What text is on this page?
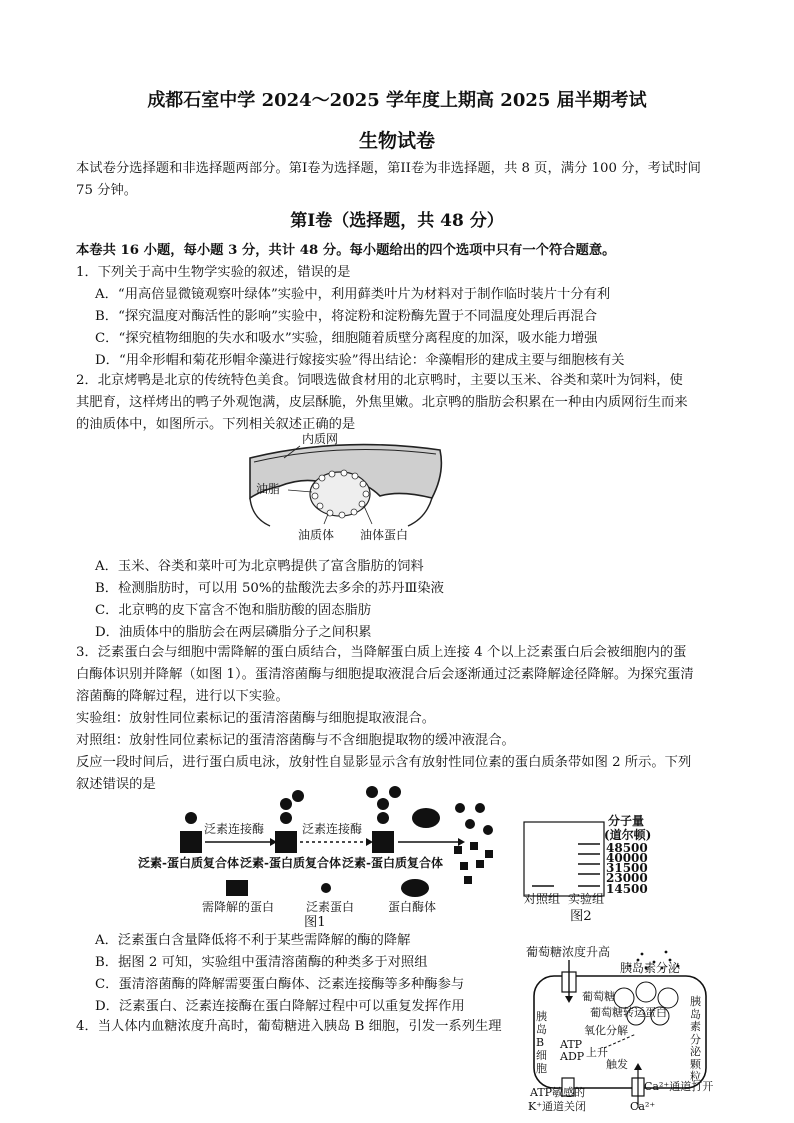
成都石室中学 2024～2025 学年度上期高 2025 届半期考试
生物试卷
本试卷分选择题和非选择题两部分。第Ⅰ卷为选择题，第ⅠⅠ卷为非选择题，共 8 页，满分 100 分，考试时间 75 分钟。
第Ⅰ卷（选择题，共 48 分）
本卷共 16 小题，每小题 3 分，共计 48 分。每小题给出的四个选项中只有一个符合题意。
1．下列关于高中生物学实验的叙述，错误的是
A．“用高倍显微镜观察叶绿体”实验中，利用藓类叶片为材料对于制作临时装片十分有利
B．“探究温度对酶活性的影响”实验中，将淀粉和淀粉酶先置于不同温度处理后再混合
C．“探究植物细胞的失水和吸水”实验，细胞随着质壁分离程度的加深，吸水能力增强
D．“用伞形帽和菊花形帽伞藻进行嫁接实验”得出结论：伞藻帽形的建成主要与细胞核有关
2．北京烤鸭是北京的传统特色美食。饲喂选做食材用的北京鸭时，主要以玉米、谷类和菜叶为饲料，使
其肥育，这样烤出的鸭子外观饱满，皮层酥脆，外焦里嫩。北京鸭的脂肪会积累在一种由内质网衍生而来
的油质体中，如图所示。下列相关叙述正确的是
内质网
油脂
油质体 油体蛋白
A．玉米、谷类和菜叶可为北京鸭提供了富含脂肪的饲料
B．检测脂肪时，可以用 50%的盐酸洗去多余的苏丹Ⅲ染液
C．北京鸭的皮下富含不饱和脂肪酸的固态脂肪
D．油质体中的脂肪会在两层磷脂分子之间积累
3．泛素蛋白会与细胞中需降解的蛋白质结合，当降解蛋白质上连接 4 个以上泛素蛋白后会被细胞内的蛋
白酶体识别并降解（如图 1）。蛋清溶菌酶与细胞提取液混合后会逐渐通过泛素降解途径降解。为探究蛋清
溶菌酶的降解过程，进行以下实验。
实验组：放射性同位素标记的蛋清溶菌酶与细胞提取液混合。
对照组：放射性同位素标记的蛋清溶菌酶与不含细胞提取物的缓冲液混合。
反应一段时间后，进行蛋白质电泳，放射性自显影显示含有放射性同位素的蛋白质条带如图 2 所示。下列
叙述错误的是
泛素连接酶	泛素连接酶
泛素-蛋白质复合体 泛素-蛋白质复合体 泛素-蛋白质复合体
需降解的蛋白	泛素蛋白	蛋白酶体
图1
分子量
(道尔顿)
48500
40000
31500
23000
14500
对照组 实验组
图2
A．泛素蛋白含量降低将不利于某些需降解的酶的降解
B．据图 2 可知，实验组中蛋清溶菌酶的种类多于对照组
C．蛋清溶菌酶的降解需要蛋白酶体、泛素连接酶等多种酶参与
D．泛素蛋白、泛素连接酶在蛋白降解过程中可以重复发挥作用
4．当人体内血糖浓度升高时，葡萄糖进入胰岛 B 细胞，引发一系列生理
葡萄糖浓度升高
胰岛素分泌
胰岛B细胞
葡萄糖
葡萄糖转运蛋白
氧化分解
ATP
ADP 上升
触发
胰岛素分泌颗粒
ATP敏感的
K⁺通道关闭
Ca²⁺通道打开
Ca²⁺
